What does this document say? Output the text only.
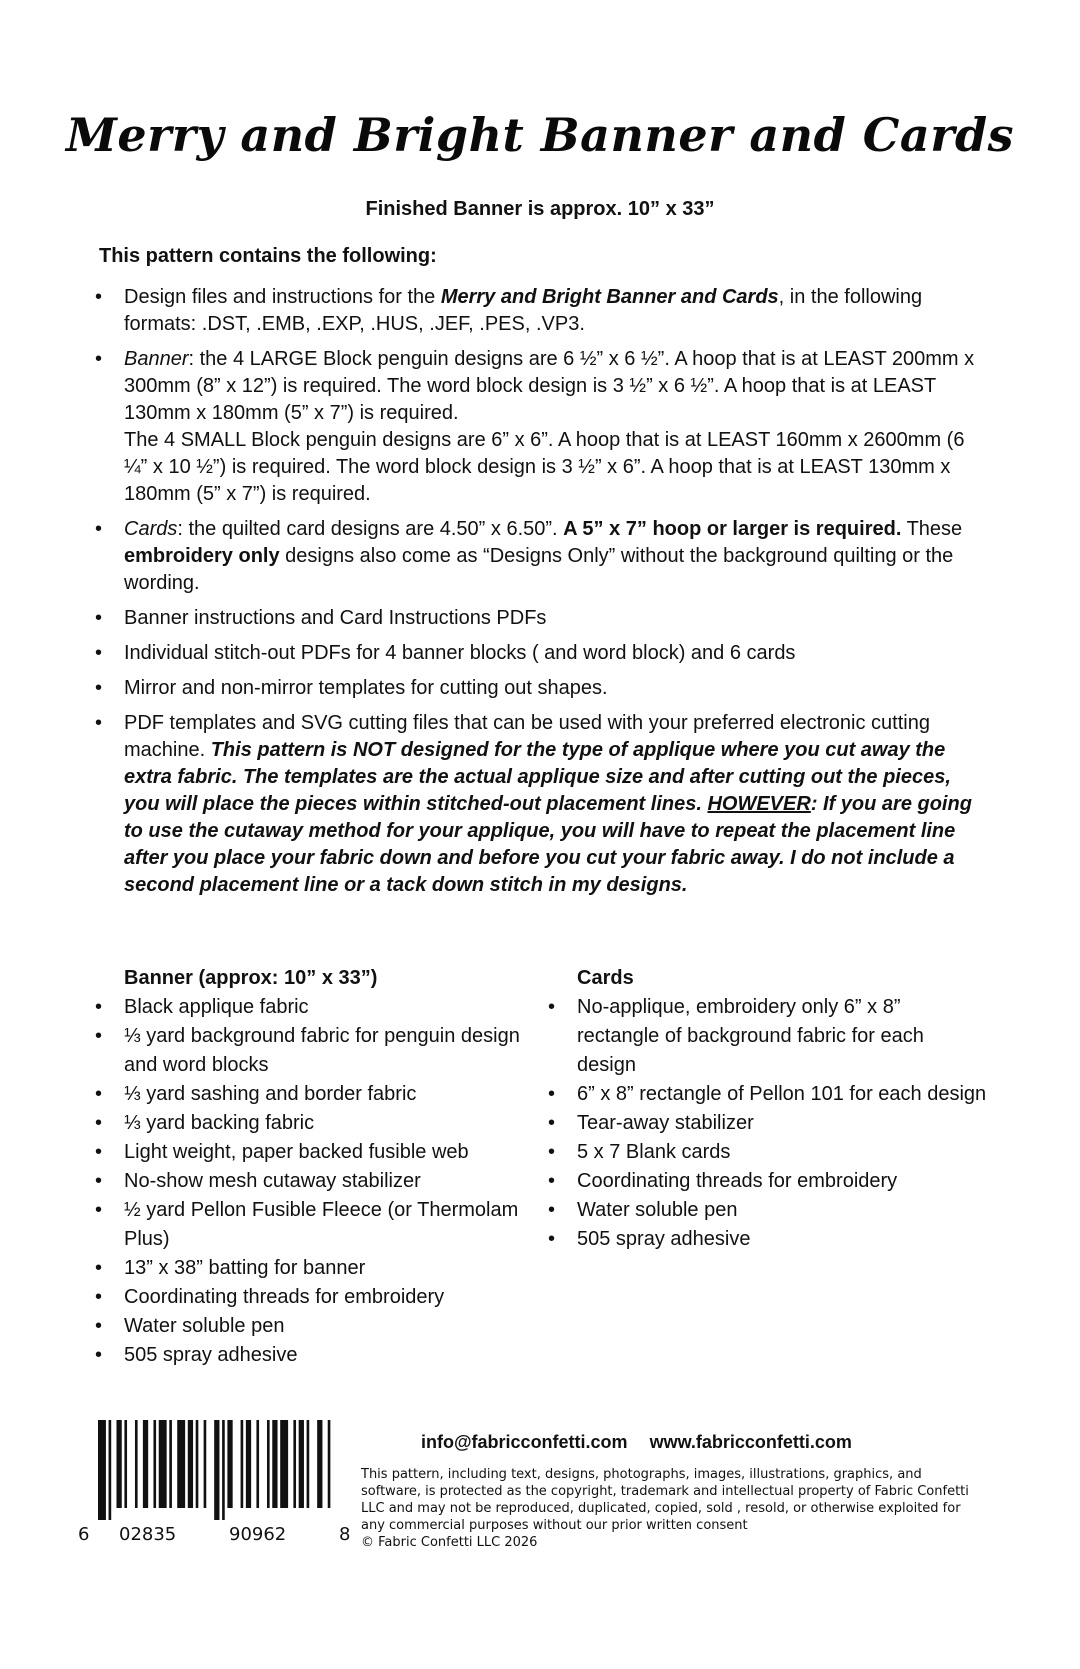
Merry and Bright Banner and Cards
Finished Banner is approx. 10” x 33”
This pattern contains the following:
• Design files and instructions for the Merry and Bright Banner and Cards, in the following formats: .DST, .EMB, .EXP, .HUS, .JEF, .PES, .VP3.
• Banner: the 4 LARGE Block penguin designs are 6 ½” x 6 ½”. A hoop that is at LEAST 200mm x 300mm (8” x 12”) is required. The word block design is 3 ½” x 6 ½”. A hoop that is at LEAST 130mm x 180mm (5” x 7”) is required.
The 4 SMALL Block penguin designs are 6” x 6”. A hoop that is at LEAST 160mm x 2600mm (6 ¼” x 10 ½”) is required. The word block design is 3 ½” x 6”. A hoop that is at LEAST 130mm x 180mm (5” x 7”) is required.
• Cards: the quilted card designs are 4.50” x 6.50”. A 5” x 7” hoop or larger is required. These embroidery only designs also come as “Designs Only” without the background quilting or the wording.
• Banner instructions and Card Instructions PDFs
• Individual stitch-out PDFs for 4 banner blocks ( and word block) and 6 cards
• Mirror and non-mirror templates for cutting out shapes.
• PDF templates and SVG cutting files that can be used with your preferred electronic cutting machine. This pattern is NOT designed for the type of applique where you cut away the extra fabric. The templates are the actual applique size and after cutting out the pieces, you will place the pieces within stitched-out placement lines. HOWEVER: If you are going to use the cutaway method for your applique, you will have to repeat the placement line after you place your fabric down and before you cut your fabric away. I do not include a second placement line or a tack down stitch in my designs.
Banner (approx: 10” x 33”)
• Black applique fabric
• ⅓ yard background fabric for penguin design and word blocks
• ⅓ yard sashing and border fabric
• ⅓ yard backing fabric
• Light weight, paper backed fusible web
• No-show mesh cutaway stabilizer
• ½ yard Pellon Fusible Fleece (or Thermolam Plus)
• 13” x 38” batting for banner
• Coordinating threads for embroidery
• Water soluble pen
• 505 spray adhesive
Cards
• No-applique, embroidery only 6” x 8” rectangle of background fabric for each design
• 6” x 8” rectangle of Pellon 101 for each design
• Tear-away stabilizer
• 5 x 7 Blank cards
• Coordinating threads for embroidery
• Water soluble pen
• 505 spray adhesive
6 02835	90962	8
info@fabricconfetti.com www.fabricconfetti.com
This pattern, including text, designs, photographs, images, illustrations, graphics, and software, is protected as the copyright, trademark and intellectual property of Fabric Confetti LLC and may not be reproduced, duplicated, copied, sold , resold, or otherwise exploited for any commercial purposes without our prior written consent
© Fabric Confetti LLC 2026
